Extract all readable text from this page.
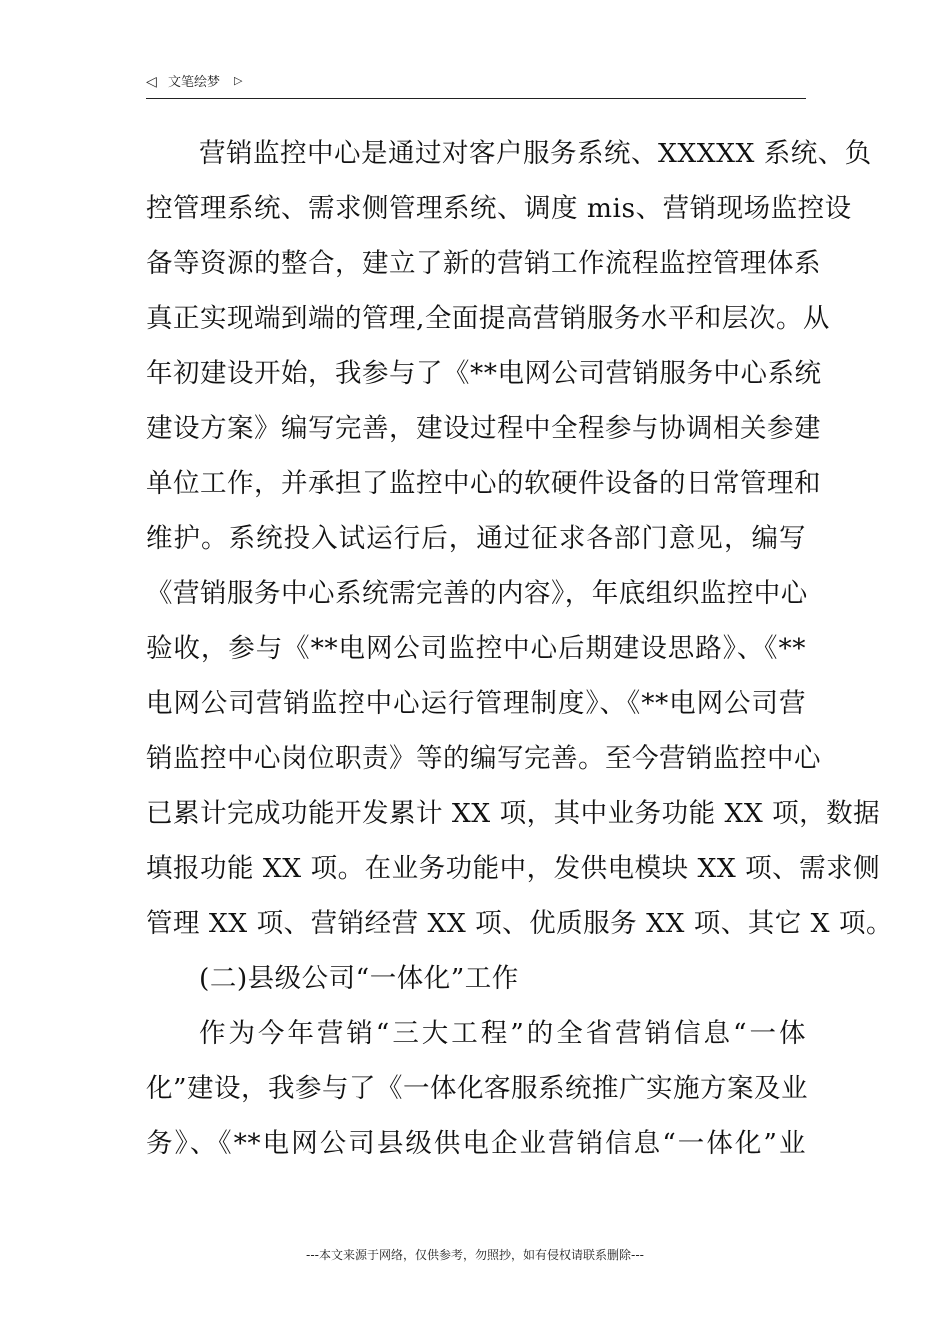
◁ 文笔绘梦 ▷
营销监控中心是通过对客户服务系统、XXXXX 系统、负
控管理系统、需求侧管理系统、调度 mis、营销现场监控设
备等资源的整合，建立了新的营销工作流程监控管理体系
真正实现端到端的管理,全面提高营销服务水平和层次。从
年初建设开始，我参与了《**电网公司营销服务中心系统
建设方案》编写完善，建设过程中全程参与协调相关参建
单位工作，并承担了监控中心的软硬件设备的日常管理和
维护。系统投入试运行后，通过征求各部门意见，编写
《营销服务中心系统需完善的内容》，年底组织监控中心
验收，参与《**电网公司监控中心后期建设思路》、《**
电网公司营销监控中心运行管理制度》、《**电网公司营
销监控中心岗位职责》等的编写完善。至今营销监控中心
已累计完成功能开发累计 XX 项，其中业务功能 XX 项，数据
填报功能 XX 项。在业务功能中，发供电模块 XX 项、需求侧
管理 XX 项、营销经营 XX 项、优质服务 XX 项、其它 X 项。
(二)县级公司“一体化”工作
作为今年营销“三大工程”的全省营销信息“一体
化”建设，我参与了《一体化客服系统推广实施方案及业
务》、《**电网公司县级供电企业营销信息“一体化”业
---本文来源于网络，仅供参考，勿照抄，如有侵权请联系删除---
